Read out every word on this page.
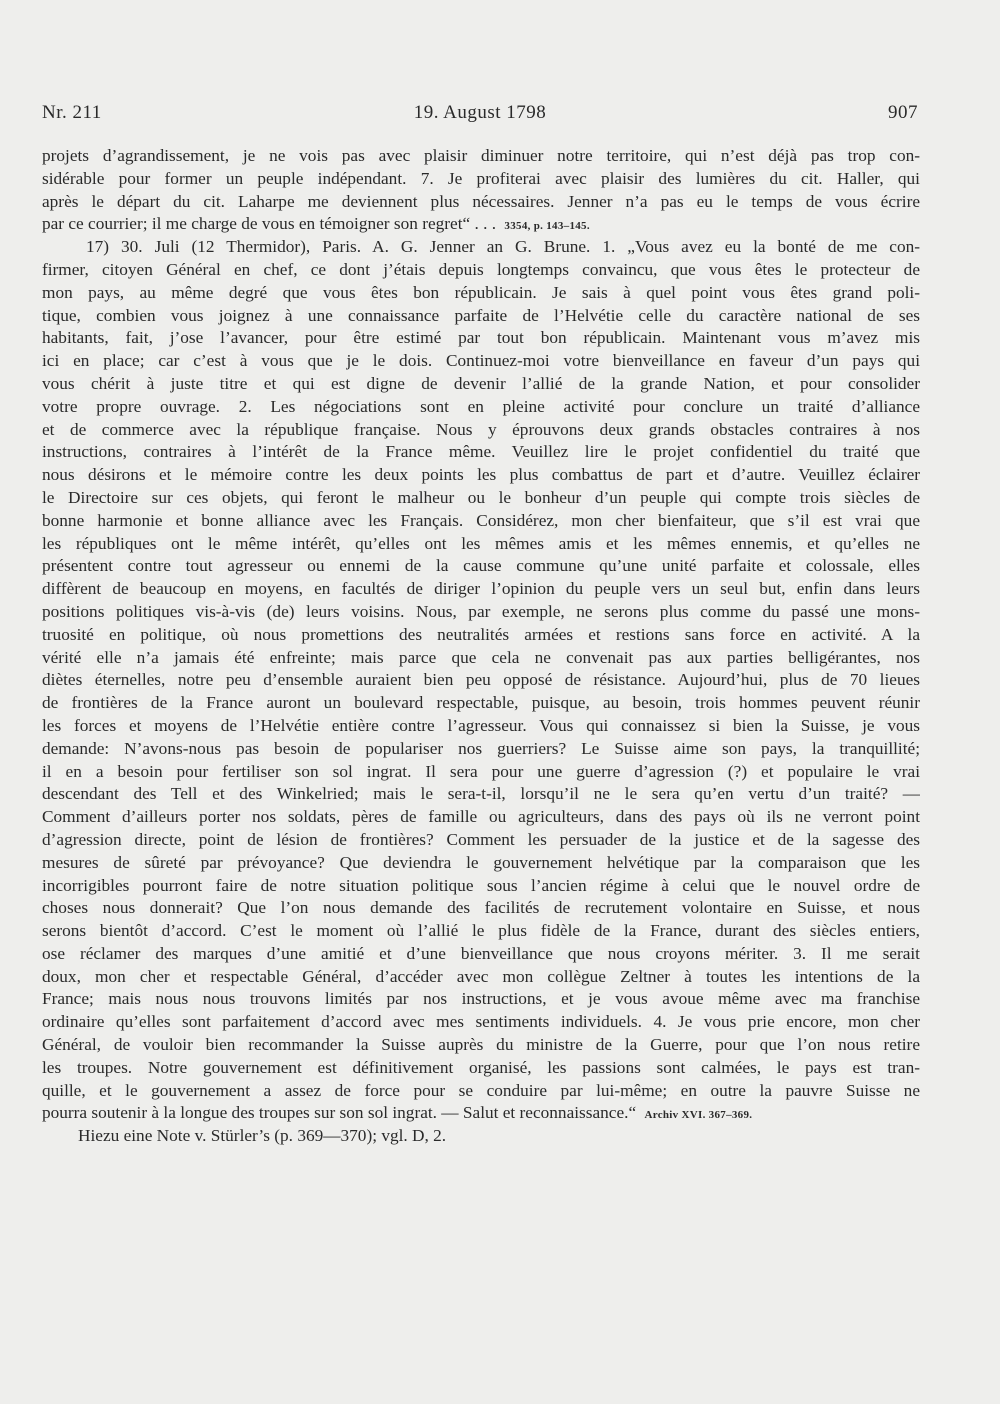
Nr. 211	19. August 1798	907
projets d’agrandissement, je ne vois pas avec plaisir diminuer notre territoire, qui n’est déjà pas trop con-
sidérable pour former un peuple indépendant. 7. Je profiterai avec plaisir des lumières du cit. Haller, qui
après le départ du cit. Laharpe me deviennent plus nécessaires. Jenner n’a pas eu le temps de vous écrire
par ce courrier; il me charge de vous en témoigner son regret“ . . . 3354, p. 143–145.
17) 30. Juli (12 Thermidor), Paris. A. G. Jenner an G. Brune. 1. „Vous avez eu la bonté de me con-
firmer, citoyen Général en chef, ce dont j’étais depuis longtemps convaincu, que vous êtes le protecteur de
mon pays, au même degré que vous êtes bon républicain. Je sais à quel point vous êtes grand poli-
tique, combien vous joignez à une connaissance parfaite de l’Helvétie celle du caractère national de ses
habitants, fait, j’ose l’avancer, pour être estimé par tout bon républicain. Maintenant vous m’avez mis
ici en place; car c’est à vous que je le dois. Continuez-moi votre bienveillance en faveur d’un pays qui
vous chérit à juste titre et qui est digne de devenir l’allié de la grande Nation, et pour consolider
votre propre ouvrage. 2. Les négociations sont en pleine activité pour conclure un traité d’alliance
et de commerce avec la république française. Nous y éprouvons deux grands obstacles contraires à nos
instructions, contraires à l’intérêt de la France même. Veuillez lire le projet confidentiel du traité que
nous désirons et le mémoire contre les deux points les plus combattus de part et d’autre. Veuillez éclairer
le Directoire sur ces objets, qui feront le malheur ou le bonheur d’un peuple qui compte trois siècles de
bonne harmonie et bonne alliance avec les Français. Considérez, mon cher bienfaiteur, que s’il est vrai que
les républiques ont le même intérêt, qu’elles ont les mêmes amis et les mêmes ennemis, et qu’elles ne
présentent contre tout agresseur ou ennemi de la cause commune qu’une unité parfaite et colossale, elles
diffèrent de beaucoup en moyens, en facultés de diriger l’opinion du peuple vers un seul but, enfin dans leurs
positions politiques vis-à-vis (de) leurs voisins. Nous, par exemple, ne serons plus comme du passé une mons-
truosité en politique, où nous promettions des neutralités armées et restions sans force en activité. A la
vérité elle n’a jamais été enfreinte; mais parce que cela ne convenait pas aux parties belligérantes, nos
diètes éternelles, notre peu d’ensemble auraient bien peu opposé de résistance. Aujourd’hui, plus de 70 lieues
de frontières de la France auront un boulevard respectable, puisque, au besoin, trois hommes peuvent réunir
les forces et moyens de l’Helvétie entière contre l’agresseur. Vous qui connaissez si bien la Suisse, je vous
demande: N’avons-nous pas besoin de populariser nos guerriers? Le Suisse aime son pays, la tranquillité;
il en a besoin pour fertiliser son sol ingrat. Il sera pour une guerre d’agression (?) et populaire le vrai
descendant des Tell et des Winkelried; mais le sera-t-il, lorsqu’il ne le sera qu’en vertu d’un traité? —
Comment d’ailleurs porter nos soldats, pères de famille ou agriculteurs, dans des pays où ils ne verront point
d’agression directe, point de lésion de frontières? Comment les persuader de la justice et de la sagesse des
mesures de sûreté par prévoyance? Que deviendra le gouvernement helvétique par la comparaison que les
incorrigibles pourront faire de notre situation politique sous l’ancien régime à celui que le nouvel ordre de
choses nous donnerait? Que l’on nous demande des facilités de recrutement volontaire en Suisse, et nous
serons bientôt d’accord. C’est le moment où l’allié le plus fidèle de la France, durant des siècles entiers,
ose réclamer des marques d’une amitié et d’une bienveillance que nous croyons mériter. 3. Il me serait
doux, mon cher et respectable Général, d’accéder avec mon collègue Zeltner à toutes les intentions de la
France; mais nous nous trouvons limités par nos instructions, et je vous avoue même avec ma franchise
ordinaire qu’elles sont parfaitement d’accord avec mes sentiments individuels. 4. Je vous prie encore, mon cher
Général, de vouloir bien recommander la Suisse auprès du ministre de la Guerre, pour que l’on nous retire
les troupes. Notre gouvernement est définitivement organisé, les passions sont calmées, le pays est tran-
quille, et le gouvernement a assez de force pour se conduire par lui-même; en outre la pauvre Suisse ne
pourra soutenir à la longue des troupes sur son sol ingrat. — Salut et reconnaissance.“ Archiv XVI. 367–369.
Hiezu eine Note v. Stürler’s (p. 369—370); vgl. D, 2.
